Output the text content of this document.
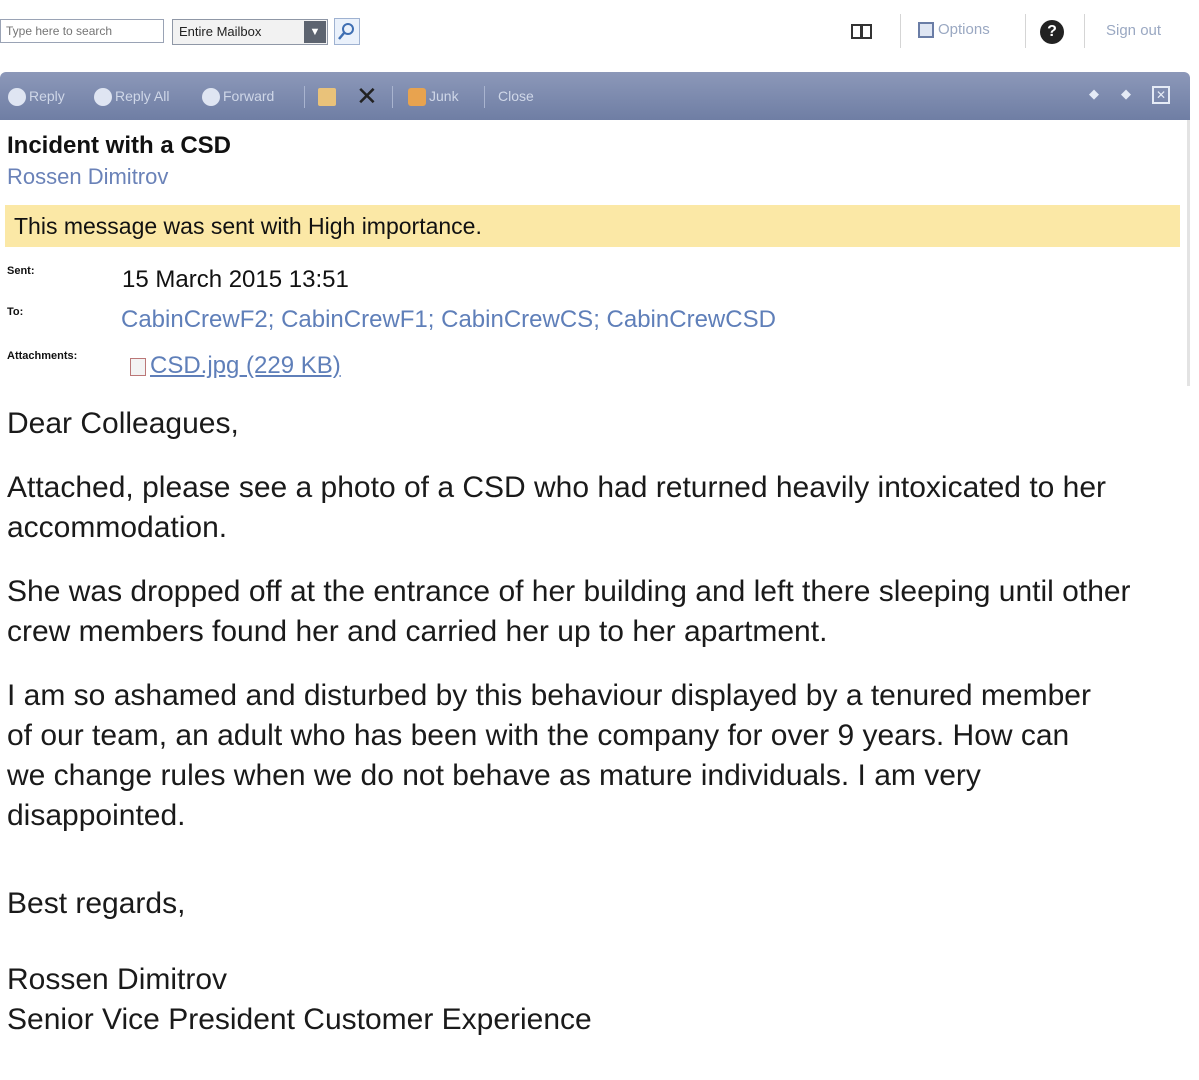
Type here to search
Entire Mailbox	▼	Options	?	Sign out
Reply	Reply All	Forward	✕	Junk	Close	◆ ◆	✕
Incident with a CSD
Rossen Dimitrov
This message was sent with High importance.
Sent:	15 March 2015 13:51
To:	CabinCrewF2; CabinCrewF1; CabinCrewCS; CabinCrewCSD
Attachments:	CSD.jpg (229 KB)
Dear Colleagues,
Attached, please see a photo of a CSD who had returned heavily intoxicated to her accommodation.
She was dropped off at the entrance of her building and left there sleeping until other crew members found her and carried her up to her apartment.
I am so ashamed and disturbed by this behaviour displayed by a tenured member of our team, an adult who has been with the company for over 9 years. How can we change rules when we do not behave as mature individuals. I am very disappointed.
Best regards,
Rossen Dimitrov
Senior Vice President Customer Experience
